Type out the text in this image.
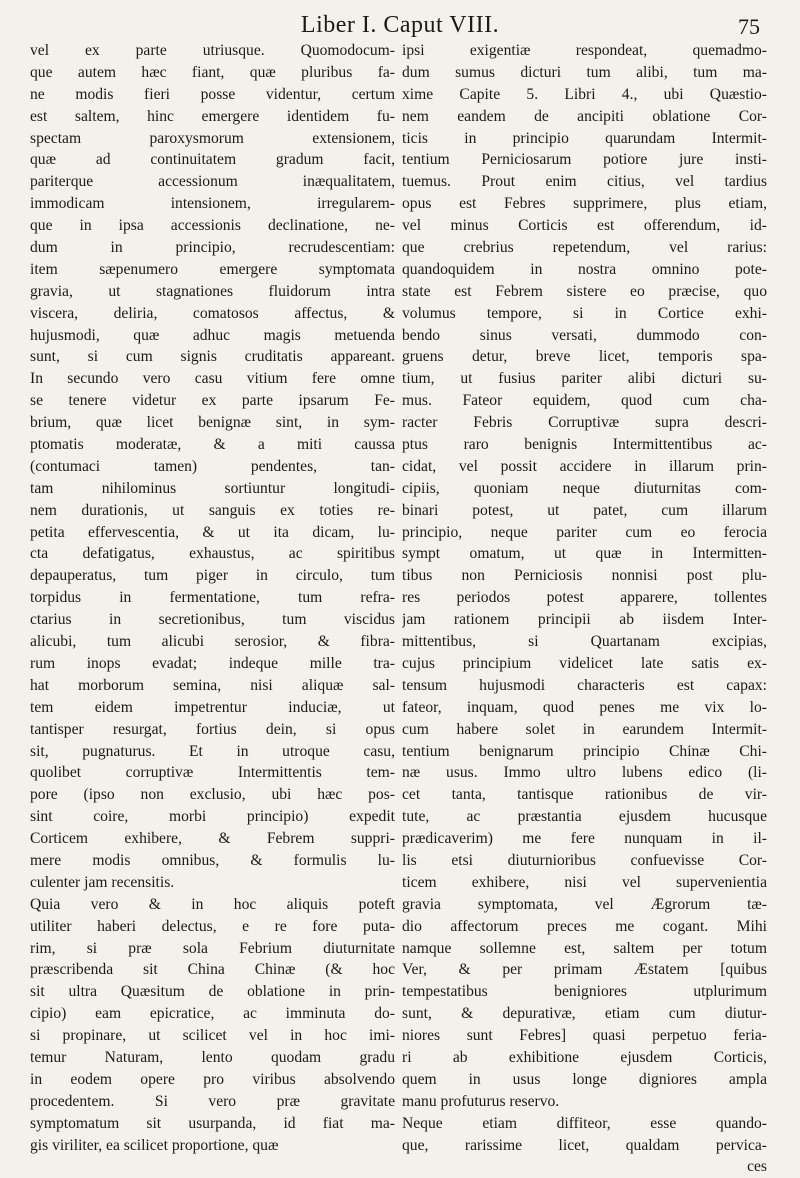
Liber I. Caput VIII.	75
vel ex parte utriusque. Quomodocum-
que autem hæc fiant, quæ pluribus fa-
ne modis fieri posse videntur, certum
est saltem, hinc emergere identidem fu-
spectam paroxysmorum extensionem,
quæ ad continuitatem gradum facit,
pariterque accessionum inæqualitatem,
immodicam intensionem, irregularem-
que in ipsa accessionis declinatione, ne-
dum in principio, recrudescentiam:
item sæpenumero emergere symptomata
gravia, ut stagnationes fluidorum intra
viscera, deliria, comatosos affectus, &
hujusmodi, quæ adhuc magis metuenda
sunt, si cum signis cruditatis appareant.
In secundo vero casu vitium fere omne
se tenere videtur ex parte ipsarum Fe-
brium, quæ licet benignæ sint, in sym-
ptomatis moderatæ, & a miti caussa
(contumaci tamen) pendentes, tan-
tam nihilominus sortiuntur longitudi-
nem durationis, ut sanguis ex toties re-
petita effervescentia, & ut ita dicam, lu-
cta defatigatus, exhaustus, ac spiritibus
depauperatus, tum piger in circulo, tum
torpidus in fermentatione, tum refra-
ctarius in secretionibus, tum viscidus
alicubi, tum alicubi serosior, & fibra-
rum inops evadat; indeque mille tra-
hat morborum semina, nisi aliquæ sal-
tem eidem impetrentur induciæ, ut
tantisper resurgat, fortius dein, si opus
sit, pugnaturus. Et in utroque casu,
quolibet corruptivæ Intermittentis tem-
pore (ipso non exclusio, ubi hæc pos-
sint coire, morbi principio) expedit
Corticem exhibere, & Febrem suppri-
mere modis omnibus, & formulis lu-
culenter jam recensitis.
Quia vero & in hoc aliquis poteft
utiliter haberi delectus, e re fore puta-
rim, si præ sola Febrium diuturnitate
præscribenda sit China Chinæ (& hoc
sit ultra Quæsitum de oblatione in prin-
cipio) eam epicratice, ac imminuta do-
si propinare, ut scilicet vel in hoc imi-
temur Naturam, lento quodam gradu
in eodem opere pro viribus absolvendo
procedentem. Si vero præ gravitate
symptomatum sit usurpanda, id fiat ma-
gis viriliter, ea scilicet proportione, quæ
ipsi exigentiæ respondeat, quemadmo-
dum sumus dicturi tum alibi, tum ma-
xime Capite 5. Libri 4., ubi Quæstio-
nem eandem de ancipiti oblatione Cor-
ticis in principio quarundam Intermit-
tentium Perniciosarum potiore jure insti-
tuemus. Prout enim citius, vel tardius
opus est Febres supprimere, plus etiam,
vel minus Corticis est offerendum, id-
que crebrius repetendum, vel rarius:
quandoquidem in nostra omnino pote-
state est Febrem sistere eo præcise, quo
volumus tempore, si in Cortice exhi-
bendo sinus versati, dummodo con-
gruens detur, breve licet, temporis spa-
tium, ut fusius pariter alibi dicturi su-
mus. Fateor equidem, quod cum cha-
racter Febris Corruptivæ supra descri-
ptus raro benignis Intermittentibus ac-
cidat, vel possit accidere in illarum prin-
cipiis, quoniam neque diuturnitas com-
binari potest, ut patet, cum illarum
principio, neque pariter cum eo ferocia
sympt omatum, ut quæ in Intermitten-
tibus non Perniciosis nonnisi post plu-
res periodos potest apparere, tollentes
jam rationem principii ab iisdem Inter-
mittentibus, si Quartanam excipias,
cujus principium videlicet late satis ex-
tensum hujusmodi characteris est capax:
fateor, inquam, quod penes me vix lo-
cum habere solet in earundem Intermit-
tentium benignarum principio Chinæ Chi-
næ usus. Immo ultro lubens edico (li-
cet tanta, tantisque rationibus de vir-
tute, ac præstantia ejusdem hucusque
prædicaverim) me fere nunquam in il-
lis etsi diuturnioribus confuevisse Cor-
ticem exhibere, nisi vel supervenientia
gravia symptomata, vel Ægrorum tæ-
dio affectorum preces me cogant. Mihi
namque sollemne est, saltem per totum
Ver, & per primam Æstatem [quibus
tempestatibus benigniores utplurimum
sunt, & depurativæ, etiam cum diutur-
niores sunt Febres] quasi perpetuo feria-
ri ab exhibitione ejusdem Corticis,
quem in usus longe digniores ampla
manu profuturus reservo.
Neque etiam diffiteor, esse quando-
que, rarissime licet, qualdam pervica-
ces
